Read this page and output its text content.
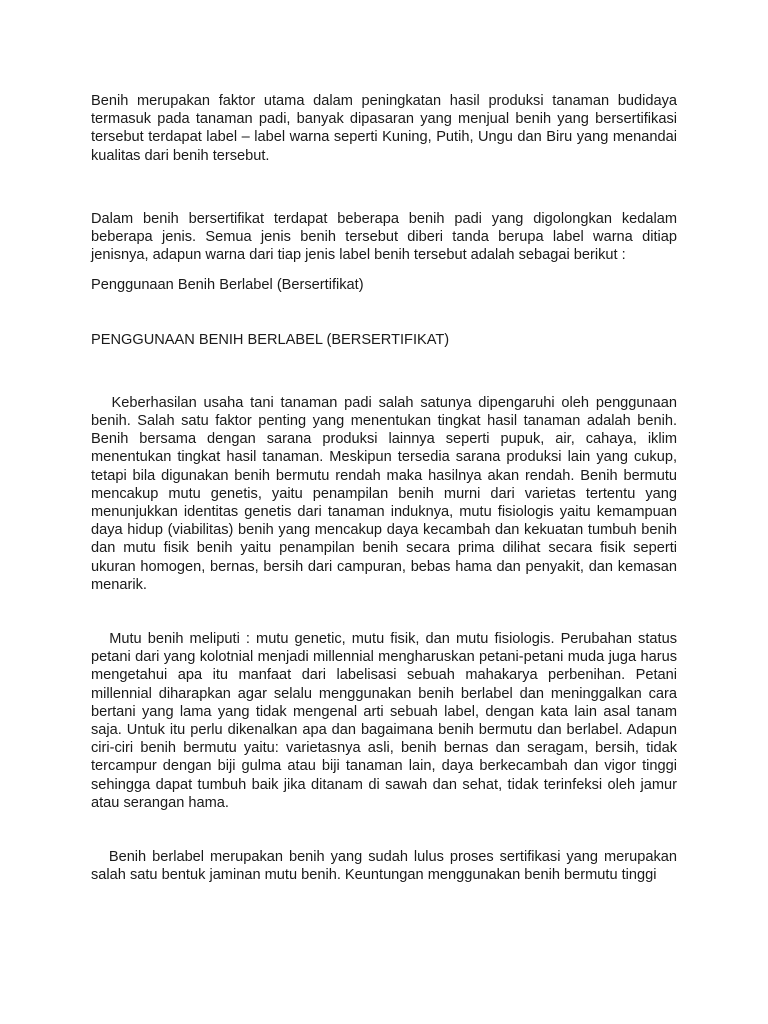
Benih merupakan faktor utama dalam peningkatan hasil produksi tanaman budidaya termasuk pada tanaman padi, banyak dipasaran yang menjual benih yang bersertifikasi tersebut terdapat label – label warna seperti Kuning, Putih, Ungu dan Biru yang menandai kualitas dari benih tersebut.

Dalam benih bersertifikat terdapat beberapa benih padi yang digolongkan kedalam beberapa jenis. Semua jenis benih tersebut diberi tanda berupa label warna ditiap jenisnya, adapun warna dari tiap jenis label benih tersebut adalah sebagai berikut :

Penggunaan Benih Berlabel (Bersertifikat)

PENGGUNAAN BENIH BERLABEL (BERSERTIFIKAT)

Keberhasilan usaha tani tanaman padi salah satunya dipengaruhi oleh penggunaan benih. Salah satu faktor penting yang menentukan tingkat hasil tanaman adalah benih. Benih bersama dengan sarana produksi lainnya seperti pupuk, air, cahaya, iklim menentukan tingkat hasil tanaman. Meskipun tersedia sarana produksi lain yang cukup, tetapi bila digunakan benih bermutu rendah maka hasilnya akan rendah. Benih bermutu mencakup mutu genetis, yaitu penampilan benih murni dari varietas tertentu yang menunjukkan identitas genetis dari tanaman induknya, mutu fisiologis yaitu kemampuan daya hidup (viabilitas) benih yang mencakup daya kecambah dan kekuatan tumbuh benih dan mutu fisik benih yaitu penampilan benih secara prima dilihat secara fisik seperti ukuran homogen, bernas, bersih dari campuran, bebas hama dan penyakit, dan kemasan menarik.

Mutu benih meliputi : mutu genetic, mutu fisik, dan mutu fisiologis. Perubahan status petani dari yang kolotnial menjadi millennial mengharuskan petani-petani muda juga harus mengetahui apa itu manfaat dari labelisasi sebuah mahakarya perbenihan. Petani millennial diharapkan agar selalu menggunakan benih berlabel dan meninggalkan cara bertani yang lama yang tidak mengenal arti sebuah label, dengan kata lain asal tanam saja. Untuk itu perlu dikenalkan apa dan bagaimana benih bermutu dan berlabel. Adapun ciri-ciri benih bermutu yaitu: varietasnya asli, benih bernas dan seragam, bersih, tidak tercampur dengan biji gulma atau biji tanaman lain, daya berkecambah dan vigor tinggi sehingga dapat tumbuh baik jika ditanam di sawah dan sehat, tidak terinfeksi oleh jamur atau serangan hama.

Benih berlabel merupakan benih yang sudah lulus proses sertifikasi yang merupakan salah satu bentuk jaminan mutu benih. Keuntungan menggunakan benih bermutu tinggi
